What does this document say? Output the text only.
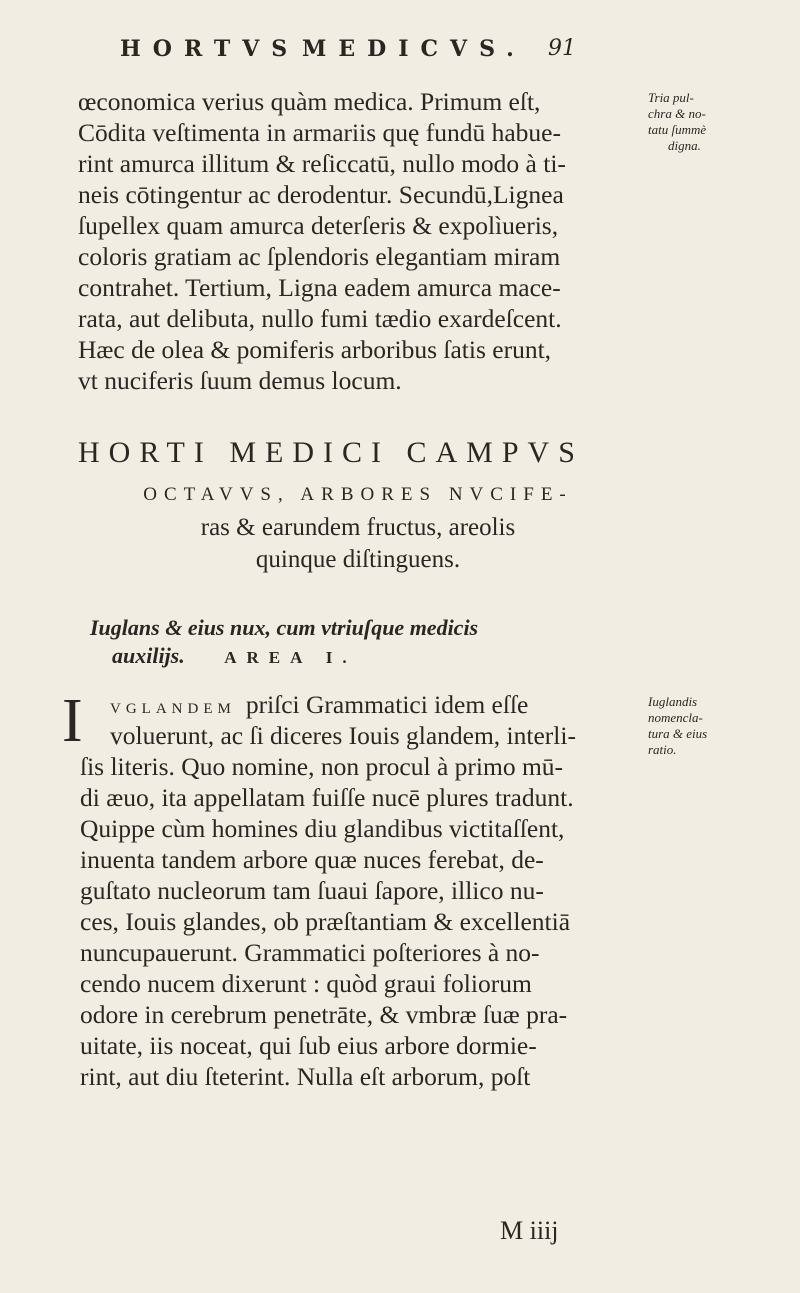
HORTVS MEDICVS. 91
œconomica verius quàm medica. Primum eſt,
Cōdita veſtimenta in armariis quę fundū habue-
rint amurca illitum & reſiccatū, nullo modo à ti-
neis cōtingentur ac derodentur. Secundū,Lignea
ſupellex quam amurca deterſeris & expolìueris,
coloris gratiam ac ſplendoris elegantiam miram
contrahet. Tertium, Ligna eadem amurca mace-
rata, aut delibuta, nullo fumi tædio exardeſcent.
Hæc de olea & pomiferis arboribus ſatis erunt,
vt nuciferis ſuum demus locum.
Tria pul-
chra & no-
tatu ſummè
digna.
HORTI MEDICI CAMPVS
OCTAVVS, ARBORES NVCIFE-
ras & earundem fructus, areolis
quinque diſtinguens.
Iuglans & eius nux, cum vtriuſque medicis
auxilijs. AREA I.
I VGLANDEM priſci Grammatici idem eſſe
voluerunt, ac ſi diceres Iouis glandem, interli-
ſis literis. Quo nomine, non procul à primo mū-
di æuo, ita appellatam fuiſſe nucē plures tradunt.
Quippe cùm homines diu glandibus victitaſſent,
inuenta tandem arbore quæ nuces ferebat, de-
guſtato nucleorum tam ſuaui ſapore, illico nu-
ces, Iouis glandes, ob præſtantiam & excellentiā
nuncupauerunt. Grammatici poſteriores à no-
cendo nucem dixerunt : quòd graui foliorum
odore in cerebrum penetrāte, & vmbræ ſuæ pra-
uitate, iis noceat, qui ſub eius arbore dormie-
rint, aut diu ſteterint. Nulla eſt arborum, poſt
Iuglandis
nomencla-
tura & eius
ratio.
M iiij
